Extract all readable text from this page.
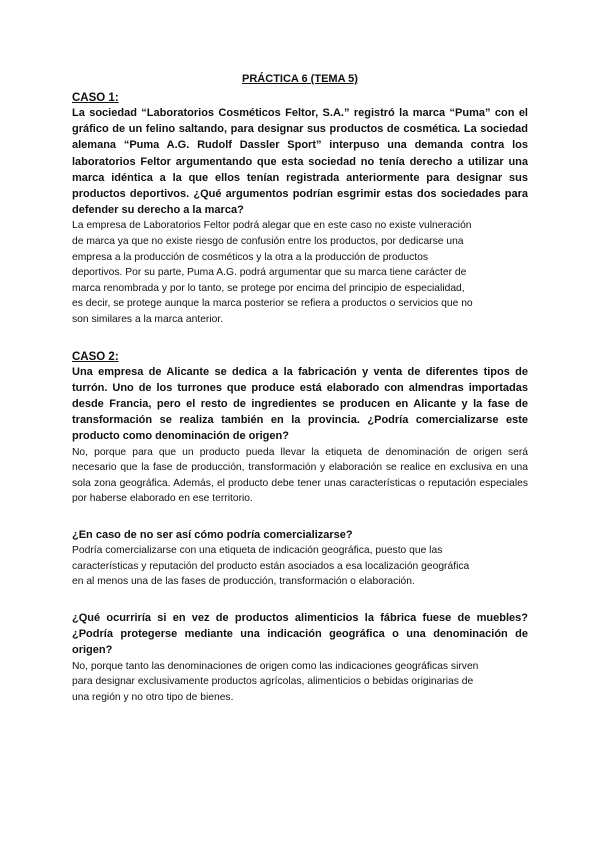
PRÁCTICA 6 (TEMA 5)

CASO 1:

La sociedad “Laboratorios Cosméticos Feltor, S.A.” registró la marca “Puma” con el gráfico de un felino saltando, para designar sus productos de cosmética. La sociedad alemana “Puma A.G. Rudolf Dassler Sport” interpuso una demanda contra los laboratorios Feltor argumentando que esta sociedad no tenía derecho a utilizar una marca idéntica a la que ellos tenían registrada anteriormente para designar sus productos deportivos. ¿Qué argumentos podrían esgrimir estas dos sociedades para defender su derecho a la marca?

La empresa de Laboratorios Feltor podrá alegar que en este caso no existe vulneración
de marca ya que no existe riesgo de confusión entre los productos, por dedicarse una
empresa a la producción de cosméticos y la otra a la producción de productos
deportivos. Por su parte, Puma A.G. podrá argumentar que su marca tiene carácter de
marca renombrada y por lo tanto, se protege por encima del principio de especialidad,
es decir, se protege aunque la marca posterior se refiera a productos o servicios que no
son similares a la marca anterior.

CASO 2:

Una empresa de Alicante se dedica a la fabricación y venta de diferentes tipos de turrón. Uno de los turrones que produce está elaborado con almendras importadas desde Francia, pero el resto de ingredientes se producen en Alicante y la fase de transformación se realiza también en la provincia. ¿Podría comercializarse este producto como denominación de origen?

No, porque para que un producto pueda llevar la etiqueta de denominación de origen será necesario que la fase de producción, transformación y elaboración se realice en exclusiva en una sola zona geográfica. Además, el producto debe tener unas características o reputación especiales por haberse elaborado en ese territorio.

¿En caso de no ser así cómo podría comercializarse?

Podría comercializarse con una etiqueta de indicación geográfica, puesto que las
características y reputación del producto están asociados a esa localización geográfica
en al menos una de las fases de producción, transformación o elaboración.

¿Qué ocurriría si en vez de productos alimenticios la fábrica fuese de muebles? ¿Podría protegerse mediante una indicación geográfica o una denominación de origen?

No, porque tanto las denominaciones de origen como las indicaciones geográficas sirven
para designar exclusivamente productos agrícolas, alimenticios o bebidas originarias de
una región y no otro tipo de bienes.
